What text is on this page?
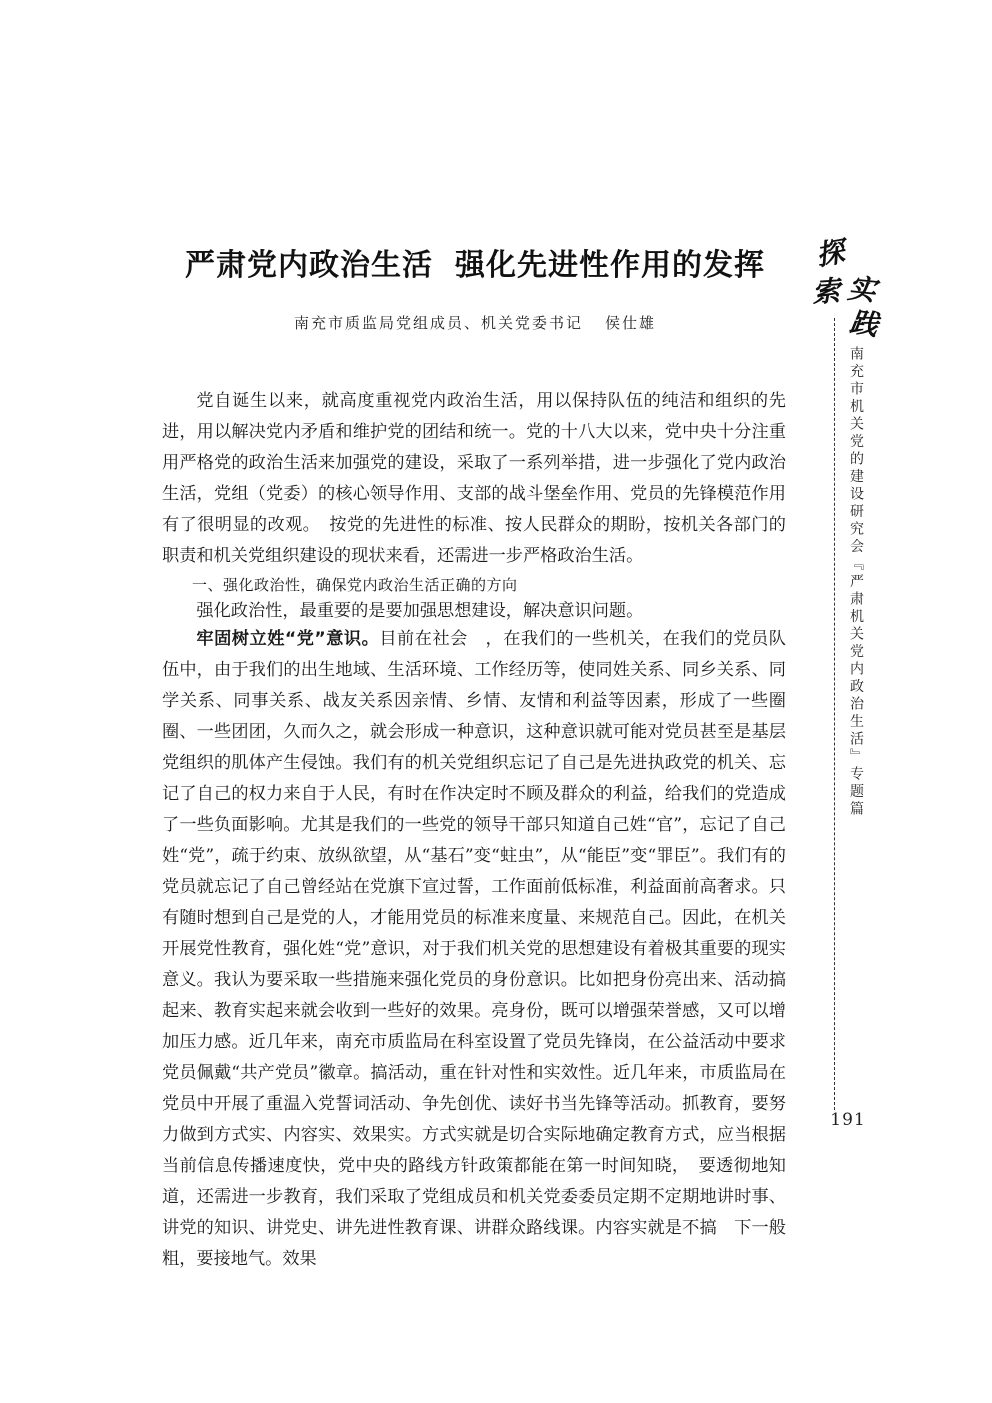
严肃党内政治生活 强化先进性作用的发挥
南充市质监局党组成员、机关党委书记 侯仕雄

党自诞生以来，就高度重视党内政治生活，用以保持队伍的纯洁和组织的先进，用以解决党内矛盾和维护党的团结和统一。党的十八大以来，党中央十分注重用严格党的政治生活来加强党的建设，采取了一系列举措，进一步强化了党内政治生活，党组（党委）的核心领导作用、支部的战斗堡垒作用、党员的先锋模范作用有了很明显的改观。　按党的先进性的标准、按人民群众的期盼，按机关各部门的职责和机关党组织建设的现状来看，还需进一步严格政治生活。

一、强化政治性，确保党内政治生活正确的方向

强化政治性，最重要的是要加强思想建设，解决意识问题。

牢固树立姓“党”意识。目前在社会　，在我们的一些机关，在我们的党员队伍中，由于我们的出生地域、生活环境、工作经历等，使同姓关系、同乡关系、同学关系、同事关系、战友关系因亲情、乡情、友情和利益等因素，形成了一些圈圈、一些团团，久而久之，就会形成一种意识，这种意识就可能对党员甚至是基层党组织的肌体产生侵蚀。我们有的机关党组织忘记了自己是先进执政党的机关、忘记了自己的权力来自于人民，有时在作决定时不顾及群众的利益，给我们的党造成了一些负面影响。尤其是我们的一些党的领导干部只知道自己姓“官”，忘记了自己姓“党”，疏于约束、放纵欲望，从“基石”变“蛀虫”，从“能臣”变“罪臣”。我们有的党员就忘记了自己曾经站在党旗下宣过誓，工作面前低标准，利益面前高奢求。只有随时想到自己是党的人，才能用党员的标准来度量、来规范自己。因此，在机关开展党性教育，强化姓“党”意识，对于我们机关党的思想建设有着极其重要的现实意义。我认为要采取一些措施来强化党员的身份意识。比如把身份亮出来、活动搞起来、教育实起来就会收到一些好的效果。亮身份，既可以增强荣誉感，又可以增加压力感。近几年来，南充市质监局在科室设置了党员先锋岗，在公益活动中要求党员佩戴“共产党员”徽章。搞活动，重在针对性和实效性。近几年来，市质监局在党员中开展了重温入党誓词活动、争先创优、读好书当先锋等活动。抓教育，要努力做到方式实、内容实、效果实。方式实就是切合实际地确定教育方式，应当根据当前信息传播速度快，党中央的路线方针政策都能在第一时间知晓，　要透彻地知道，还需进一步教育，我们采取了党组成员和机关党委委员定期不定期地讲时事、讲党的知识、讲党史、讲先进性教育课、讲群众路线课。内容实就是不搞　下一般粗，要接地气。效果

探
实
索
践
南充市机关党的建设研究会『严肃机关党内政治生活』专题篇
191
